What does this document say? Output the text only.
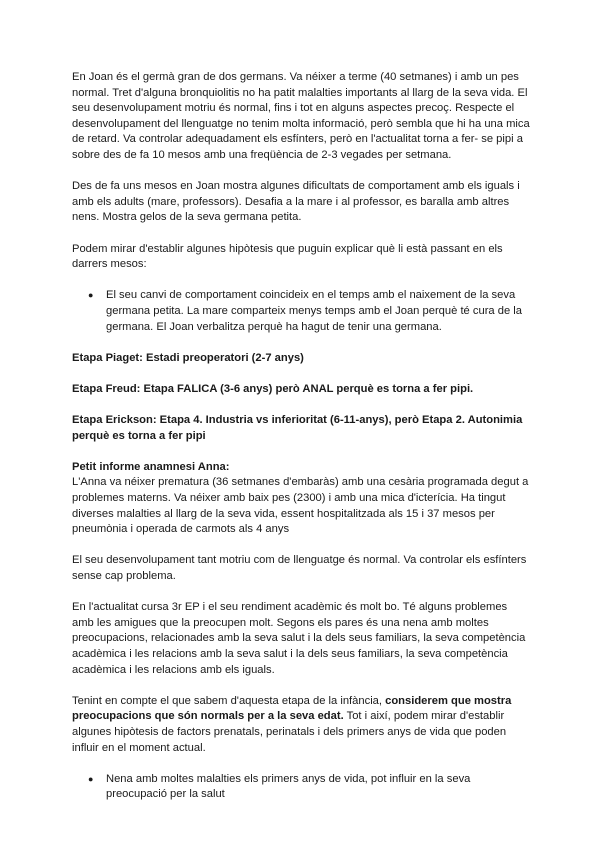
En Joan és el germà gran de dos germans. Va néixer a terme (40 setmanes) i amb un pes normal. Tret d'alguna bronquiolitis no ha patit malalties importants al llarg de la seva vida. El seu desenvolupament motriu és normal, fins i tot en alguns aspectes precoç. Respecte el desenvolupament del llenguatge no tenim molta informació, però sembla que hi ha una mica de retard. Va controlar adequadament els esfínters, però en l'actualitat torna a fer- se pipi a sobre des de fa 10 mesos amb una freqüència de 2-3 vegades per setmana.

Des de fa uns mesos en Joan mostra algunes dificultats de comportament amb els iguals i amb els adults (mare, professors). Desafia a la mare i al professor, es baralla amb altres nens. Mostra gelos de la seva germana petita.

Podem mirar d'establir algunes hipòtesis que puguin explicar què li està passant en els darrers mesos:

● El seu canvi de comportament coincideix en el temps amb el naixement de la seva germana petita. La mare comparteix menys temps amb el Joan perquè té cura de la germana. El Joan verbalitza perquè ha hagut de tenir una germana.

Etapa Piaget: Estadi preoperatori (2-7 anys)

Etapa Freud: Etapa FALICA (3-6 anys) però ANAL perquè es torna a fer pipi.

Etapa Erickson: Etapa 4. Industria vs inferioritat (6-11-anys), però Etapa 2. Autonimia perquè es torna a fer pipi

Petit informe anamnesi Anna:

L'Anna va néixer prematura (36 setmanes d'embaràs) amb una cesària programada degut a problemes materns. Va néixer amb baix pes (2300) i amb una mica d'icterícia. Ha tingut diverses malalties al llarg de la seva vida, essent hospitalitzada als 15 i 37 mesos per pneumònia i operada de carmots als 4 anys

El seu desenvolupament tant motriu com de llenguatge és normal. Va controlar els esfínters sense cap problema.

En l'actualitat cursa 3r EP i el seu rendiment acadèmic és molt bo. Té alguns problemes amb les amigues que la preocupen molt. Segons els pares és una nena amb moltes preocupacions, relacionades amb la seva salut i la dels seus familiars, la seva competència acadèmica i les relacions amb la seva salut i la dels seus familiars, la seva competència acadèmica i les relacions amb els iguals.

Tenint en compte el que sabem d'aquesta etapa de la infància, considerem que mostra preocupacions que són normals per a la seva edat. Tot i així, podem mirar d'establir algunes hipòtesis de factors prenatals, perinatals i dels primers anys de vida que poden influir en el moment actual.

● Nena amb moltes malalties els primers anys de vida, pot influir en la seva preocupació per la salut
